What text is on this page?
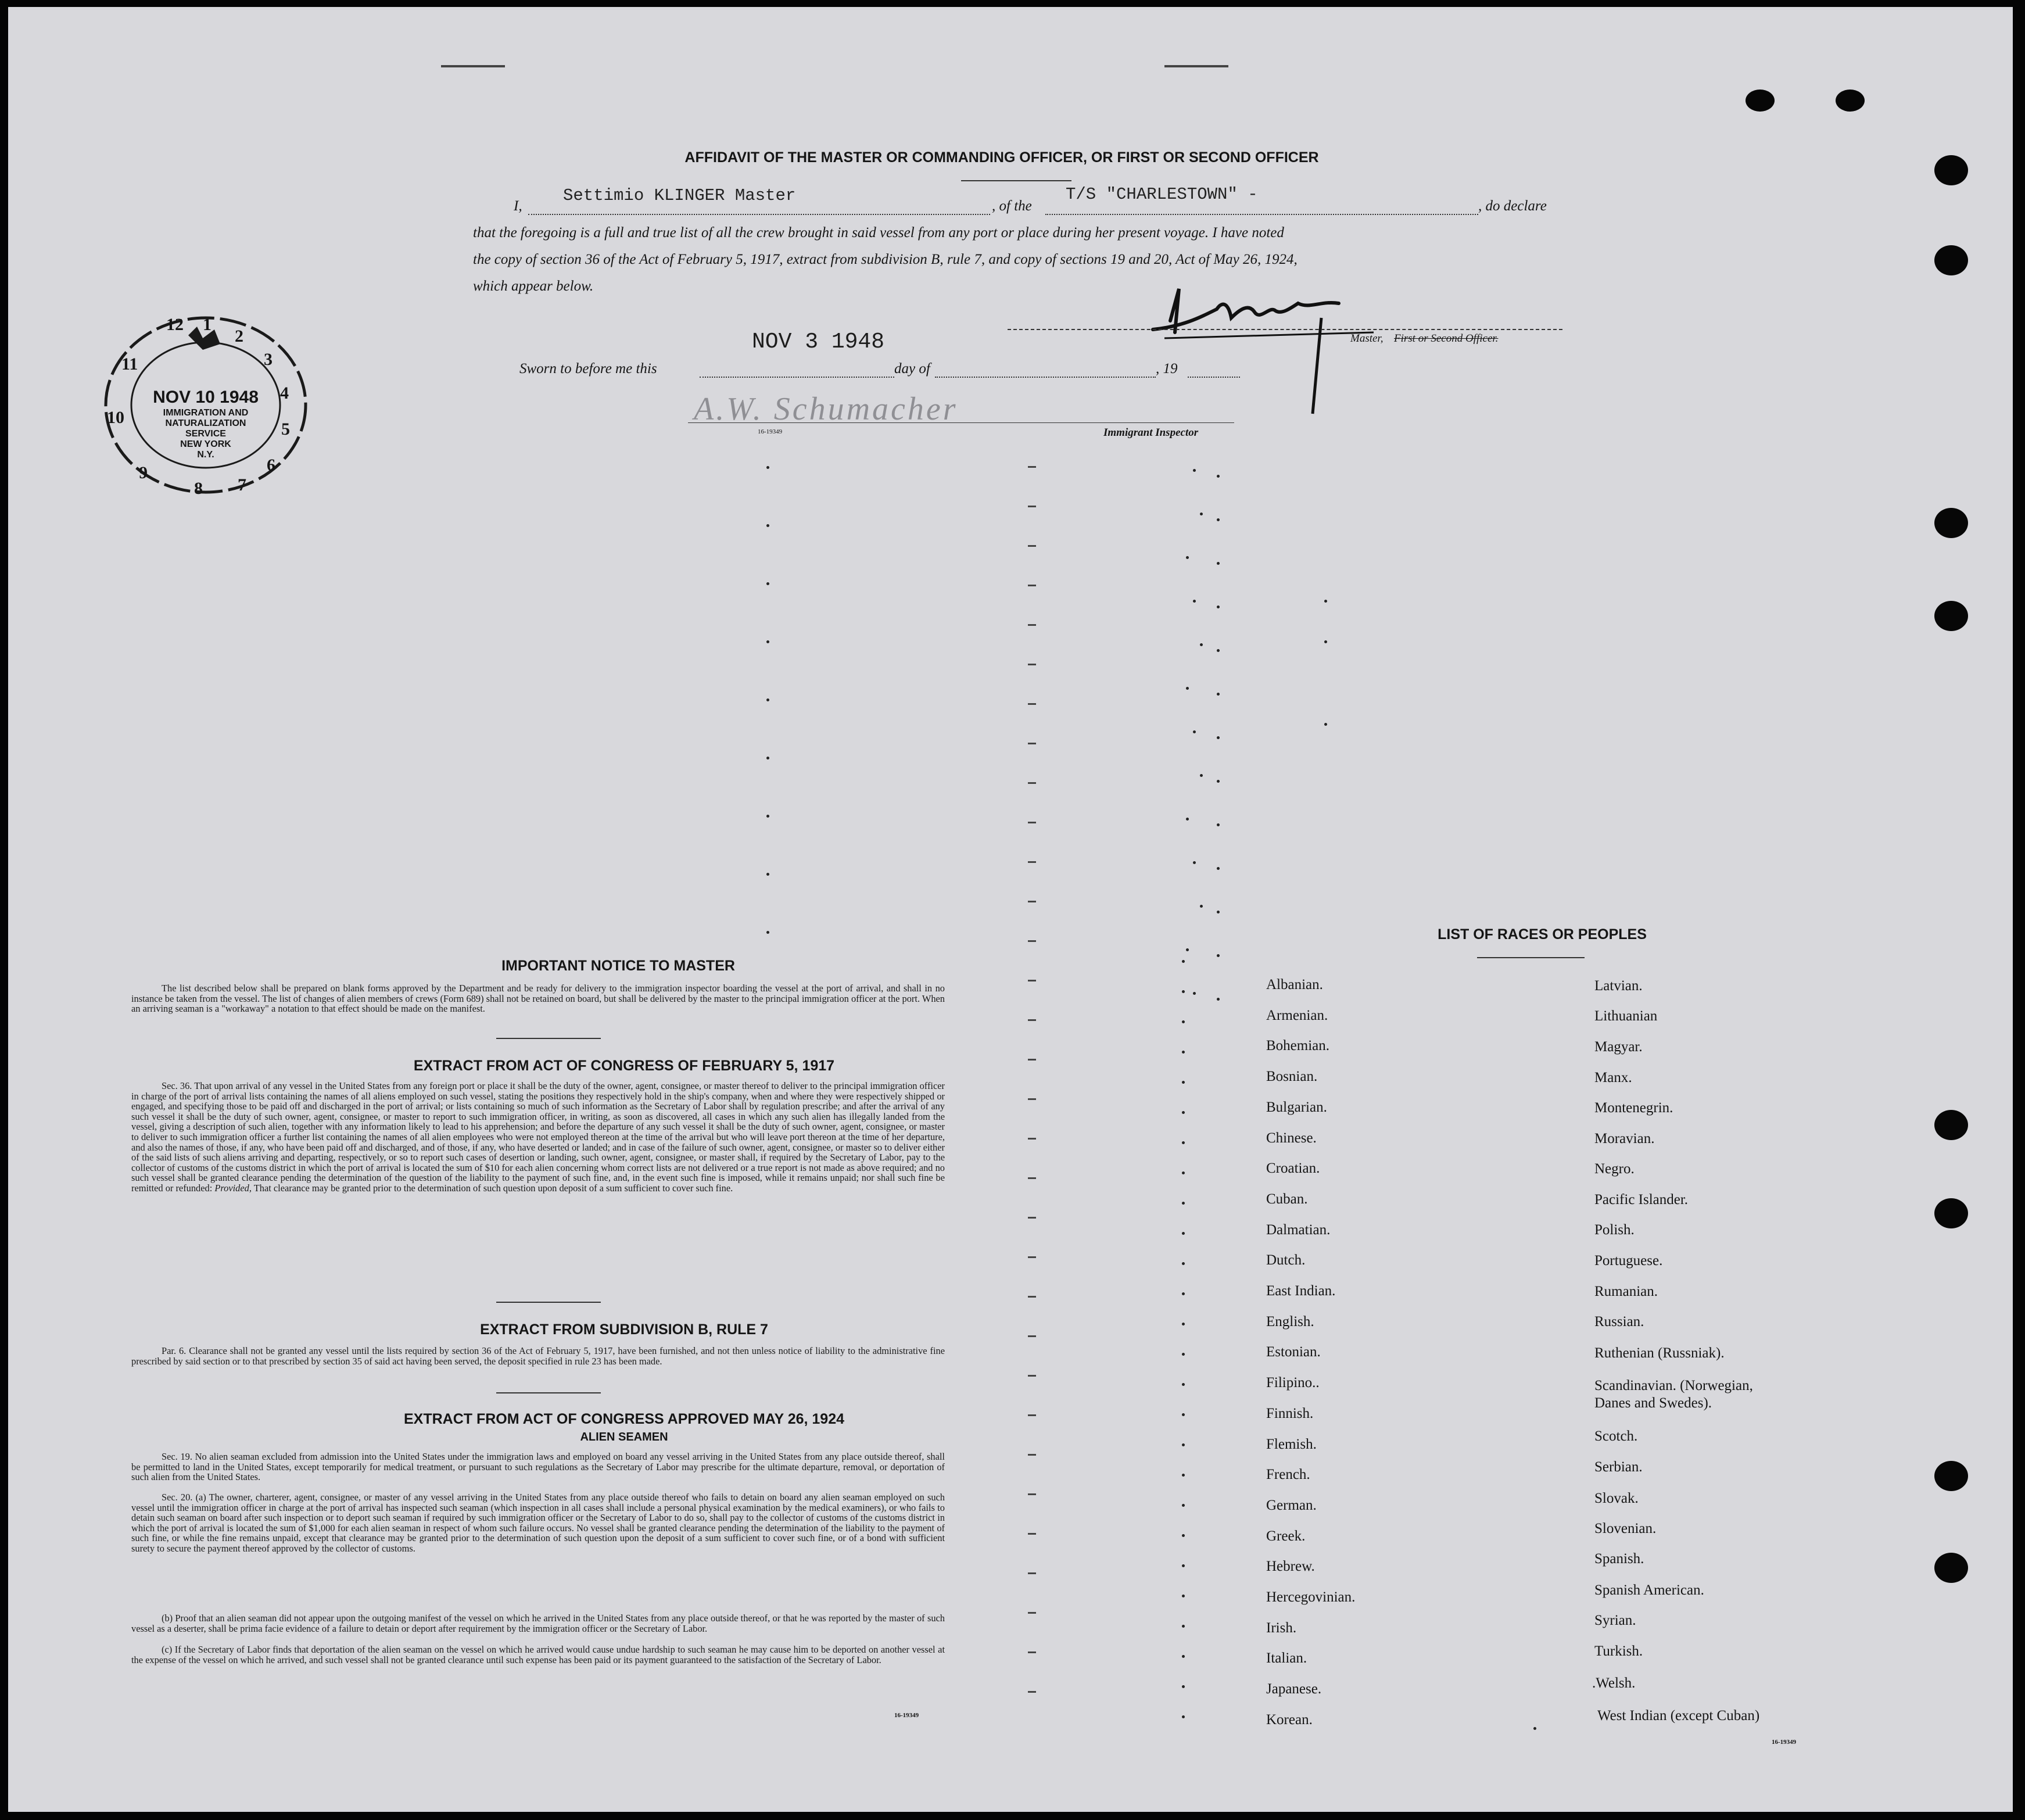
AFFIDAVIT OF THE MASTER OR COMMANDING OFFICER, OR FIRST OR SECOND OFFICER
I,
Settimio KLINGER Master
, of the
T/S "CHARLESTOWN" -
, do declare
that the foregoing is a full and true list of all the crew brought in said vessel from any port or place during her present voyage. I have noted
the copy of section 36 of the Act of February 5, 1917, extract from subdivision B, rule 7, and copy of sections 19 and 20, Act of May 26, 1924,
which appear below.
Master, First or Second Officer.
NOV 3 1948
Sworn to before me this	day of	, 19
A.W. Schumacher
16-19349	Immigrant Inspector
12 1
2
3
4
5
6
7
8
9
10
11
NOV 10 1948
IMMIGRATION AND
NATURALIZATION
SERVICE
NEW YORK
N.Y.
IMPORTANT NOTICE TO MASTER

The list described below shall be prepared on blank forms approved by the Department and be ready for delivery to the immigration inspector boarding the vessel at the port of arrival, and shall in no instance be taken from the vessel. The list of changes of alien members of crews (Form 689) shall not be retained on board, but shall be delivered by the master to the principal immigration officer at the port. When an arriving seaman is a "workaway" a notation to that effect should be made on the manifest.

EXTRACT FROM ACT OF CONGRESS OF FEBRUARY 5, 1917

Sec. 36. That upon arrival of any vessel in the United States from any foreign port or place it shall be the duty of the owner, agent, consignee, or master thereof to deliver to the principal immigration officer in charge of the port of arrival lists containing the names of all aliens employed on such vessel, stating the positions they respectively hold in the ship's company, when and where they were respectively shipped or engaged, and specifying those to be paid off and discharged in the port of arrival; or lists containing so much of such information as the Secretary of Labor shall by regulation prescribe; and after the arrival of any such vessel it shall be the duty of such owner, agent, consignee, or master to report to such immigration officer, in writing, as soon as discovered, all cases in which any such alien has illegally landed from the vessel, giving a description of such alien, together with any information likely to lead to his apprehension; and before the departure of any such vessel it shall be the duty of such owner, agent, consignee, or master to deliver to such immigration officer a further list containing the names of all alien employees who were not employed thereon at the time of the arrival but who will leave port thereon at the time of her departure, and also the names of those, if any, who have been paid off and discharged, and of those, if any, who have deserted or landed; and in case of the failure of such owner, agent, consignee, or master so to deliver either of the said lists of such aliens arriving and departing, respectively, or so to report such cases of desertion or landing, such owner, agent, consignee, or master shall, if required by the Secretary of Labor, pay to the collector of customs of the customs district in which the port of arrival is located the sum of $10 for each alien concerning whom correct lists are not delivered or a true report is not made as above required; and no such vessel shall be granted clearance pending the determination of the question of the liability to the payment of such fine, and, in the event such fine is imposed, while it remains unpaid; nor shall such fine be remitted or refunded: Provided, That clearance may be granted prior to the determination of such question upon deposit of a sum sufficient to cover such fine.

EXTRACT FROM SUBDIVISION B, RULE 7

Par. 6. Clearance shall not be granted any vessel until the lists required by section 36 of the Act of February 5, 1917, have been furnished, and not then unless notice of liability to the administrative fine prescribed by said section or to that prescribed by section 35 of said act having been served, the deposit specified in rule 23 has been made.

EXTRACT FROM ACT OF CONGRESS APPROVED MAY 26, 1924
ALIEN SEAMEN

Sec. 19. No alien seaman excluded from admission into the United States under the immigration laws and employed on board any vessel arriving in the United States from any place outside thereof, shall be permitted to land in the United States, except temporarily for medical treatment, or pursuant to such regulations as the Secretary of Labor may prescribe for the ultimate departure, removal, or deportation of such alien from the United States.

Sec. 20. (a) The owner, charterer, agent, consignee, or master of any vessel arriving in the United States from any place outside thereof who fails to detain on board any alien seaman employed on such vessel until the immigration officer in charge at the port of arrival has inspected such seaman (which inspection in all cases shall include a personal physical examination by the medical examiners), or who fails to detain such seaman on board after such inspection or to deport such seaman if required by such immigration officer or the Secretary of Labor to do so, shall pay to the collector of customs of the customs district in which the port of arrival is located the sum of $1,000 for each alien seaman in respect of whom such failure occurs. No vessel shall be granted clearance pending the determination of the liability to the payment of such fine, or while the fine remains unpaid, except that clearance may be granted prior to the determination of such question upon the deposit of a sum sufficient to cover such fine, or of a bond with sufficient surety to secure the payment thereof approved by the collector of customs.

(b) Proof that an alien seaman did not appear upon the outgoing manifest of the vessel on which he arrived in the United States from any place outside thereof, or that he was reported by the master of such vessel as a deserter, shall be prima facie evidence of a failure to detain or deport after requirement by the immigration officer or the Secretary of Labor.

(c) If the Secretary of Labor finds that deportation of the alien seaman on the vessel on which he arrived would cause undue hardship to such seaman he may cause him to be deported on another vessel at the expense of the vessel on which he arrived, and such vessel shall not be granted clearance until such expense has been paid or its payment guaranteed to the satisfaction of the Secretary of Labor.

16-19349
LIST OF RACES OR PEOPLES
Albanian.
Armenian.
Bohemian.
Bosnian.
Bulgarian.
Chinese.
Croatian.
Cuban.
Dalmatian.
Dutch.
East Indian.
English.
Estonian.
Filipino..
Finnish.
Flemish.
French.
German.
Greek.
Hebrew.
Hercegovinian.
Irish.
Italian.
Japanese.
Korean.
Latvian.
Lithuanian
Magyar.
Manx.
Montenegrin.
Moravian.
Negro.
Pacific Islander.
Polish.
Portuguese.
Rumanian.
Russian.
Ruthenian (Russniak).
Scandinavian. (Norwegian,
Danes and Swedes).
Scotch.
Serbian.
Slovak.
Slovenian.
Spanish.
Spanish American.
Syrian.
Turkish.
.Welsh.
West Indian (except Cuban)
16-19349
